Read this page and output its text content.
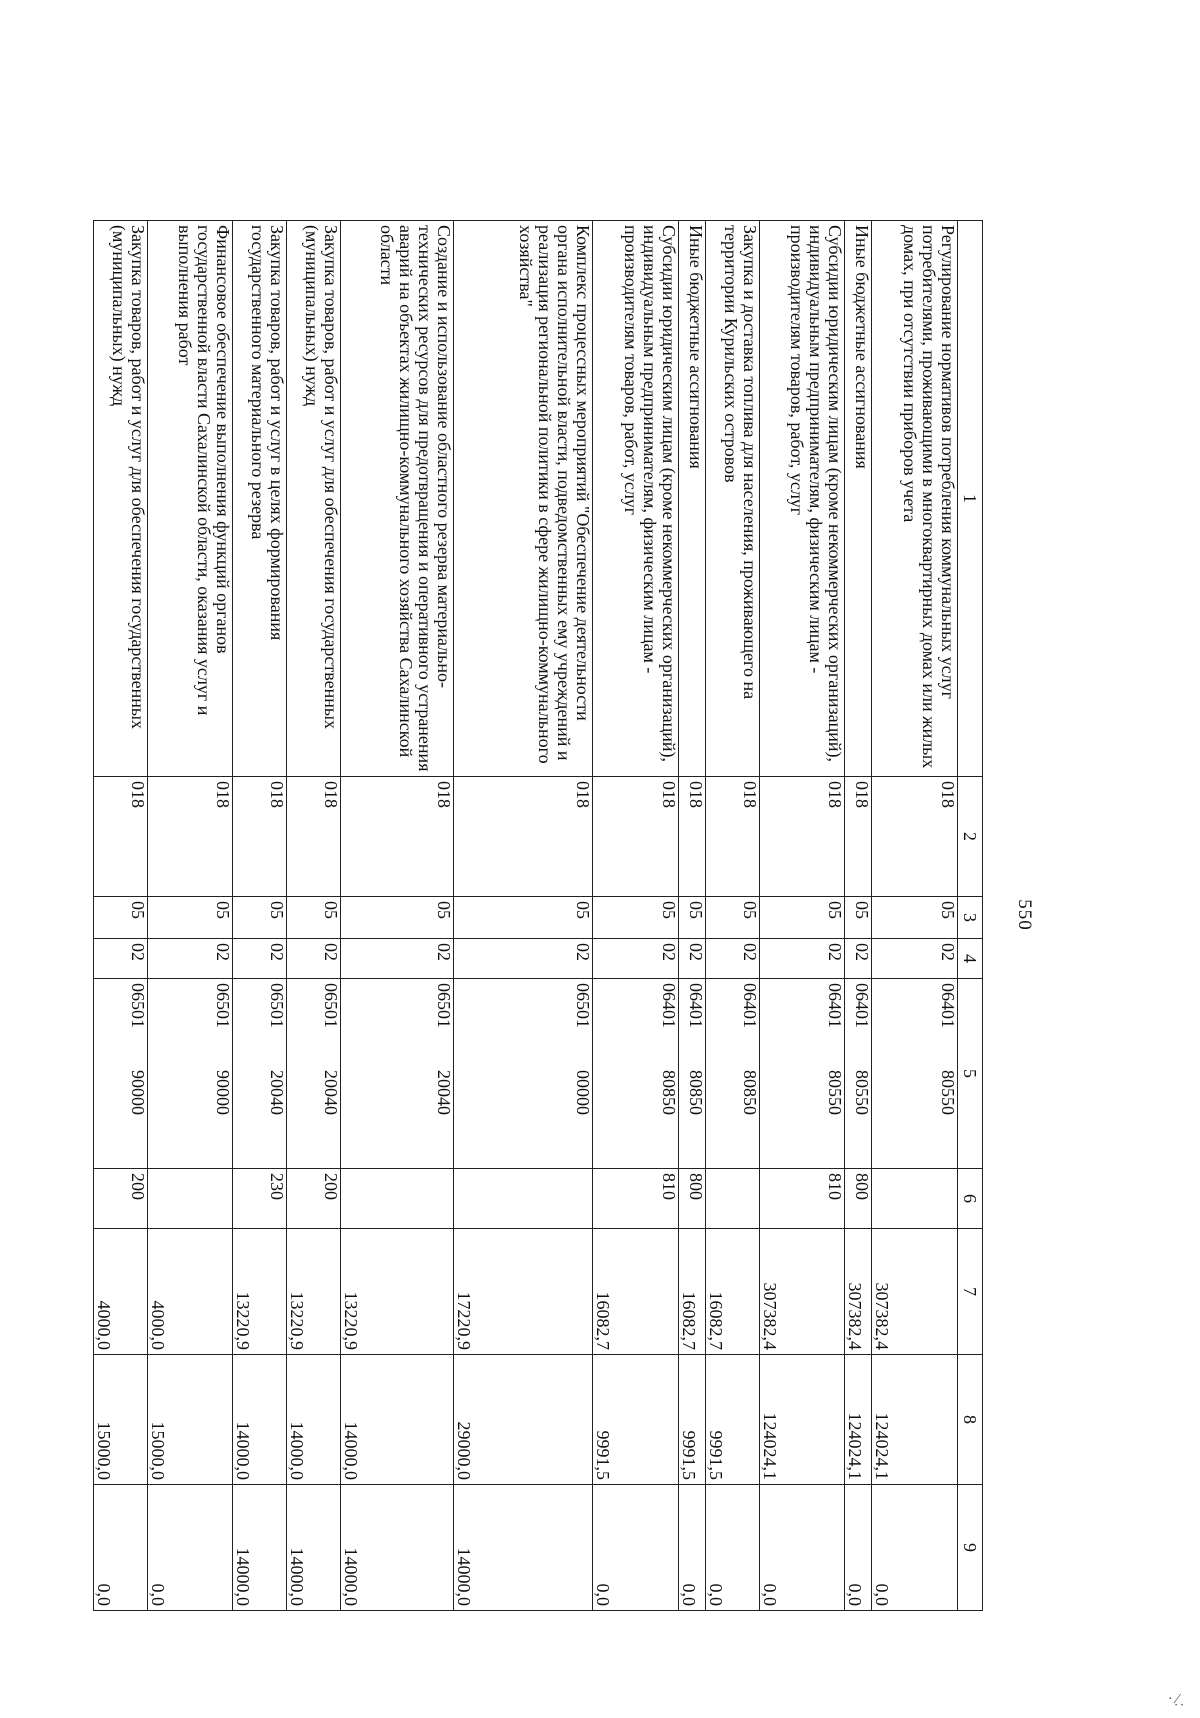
550
1	2	3	4	5	6	7	8	9
Регулирование нормативов потребления коммунальных услуг потребителями, проживающими в многоквартирных домах или жилых домах, при отсутствии приборов учета	018	05	02	0640180550		307382,4	124024,1	0,0
Иные бюджетные ассигнования	018	05	02	0640180550	800	307382,4	124024,1	0,0
Субсидии юридическим лицам (кроме некоммерческих организаций), индивидуальным предпринимателям, физическим лицам - производителям товаров, работ, услуг	018	05	02	0640180550	810	307382,4	124024,1	0,0
Закупка и доставка топлива для населения, проживающего на территории Курильских островов	018	05	02	0640180850		16082,7	9991,5	0,0
Иные бюджетные ассигнования	018	05	02	0640180850	800	16082,7	9991,5	0,0
Субсидии юридическим лицам (кроме некоммерческих организаций), индивидуальным предпринимателям, физическим лицам - производителям товаров, работ, услуг	018	05	02	0640180850	810	16082,7	9991,5	0,0
Комплекс процессных мероприятий "Обеспечение деятельности органа исполнительной власти, подведомственных ему учреждений и реализация региональной политики в сфере жилищно-коммунального хозяйства"	018	05	02	0650100000		17220,9	29000,0	14000,0
Создание и использование областного резерва материально-технических ресурсов для предотвращения и оперативного устранения аварий на объектах жилищно-коммунального хозяйства Сахалинской области	018	05	02	0650120040		13220,9	14000,0	14000,0
Закупка товаров, работ и услуг для обеспечения государственных (муниципальных) нужд	018	05	02	0650120040	200	13220,9	14000,0	14000,0
Закупка товаров, работ и услуг в целях формирования государственного материального резерва	018	05	02	0650120040	230	13220,9	14000,0	14000,0
Финансовое обеспечение выполнения функций органов государственной власти Сахалинской области, оказания услуг и выполнения работ	018	05	02	0650190000		4000,0	15000,0	0,0
Закупка товаров, работ и услуг для обеспечения государственных (муниципальных) нужд	018	05	02	0650190000	200	4000,0	15000,0	0,0
· ̣⁄ ̣
